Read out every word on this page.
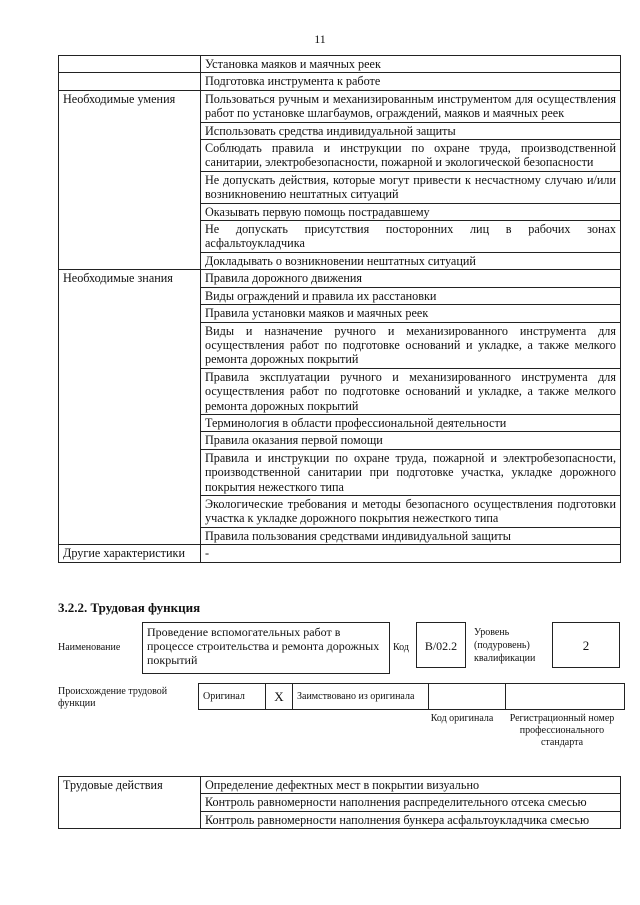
11
	Установка маяков и маячных реек
	Подготовка инструмента к работе
Необходимые умения	Пользоваться ручным и механизированным инструментом для осуществления работ по установке шлагбаумов, ограждений, маяков и маячных реек
	Использовать средства индивидуальной защиты
	Соблюдать правила и инструкции по охране труда, производственной санитарии, электробезопасности, пожарной и экологической безопасности
	Не допускать действия, которые могут привести к несчастному случаю и/или возникновению нештатных ситуаций
	Оказывать первую помощь пострадавшему
	Не допускать присутствия посторонних лиц в рабочих зонах асфальтоукладчика
	Докладывать о возникновении нештатных ситуаций
Необходимые знания	Правила дорожного движения
	Виды ограждений и правила их расстановки
	Правила установки маяков и маячных реек
	Виды и назначение ручного и механизированного инструмента для осуществления работ по подготовке оснований и укладке, а также мелкого ремонта дорожных покрытий
	Правила эксплуатации ручного и механизированного инструмента для осуществления работ по подготовке оснований и укладке, а также мелкого ремонта дорожных покрытий
	Терминология в области профессиональной деятельности
	Правила оказания первой помощи
	Правила и инструкции по охране труда, пожарной и электробезопасности, производственной санитарии при подготовке участка, укладке дорожного покрытия нежесткого типа
	Экологические требования и методы безопасного осуществления подготовки участка к укладке дорожного покрытия нежесткого типа
	Правила пользования средствами индивидуальной защиты
Другие характеристики	-
3.2.2. Трудовая функция
Наименование
Проведение вспомогательных работ в процессе строительства и ремонта дорожных покрытий
Код	B/02.2
Уровень (подуровень) квалификации
2
Происхождение трудовой функции
Оригинал	X	Заимствовано из оригинала		
Код оригинала	Регистрационный номер профессионального стандарта
Трудовые действия	Определение дефектных мест в покрытии визуально
Контроль равномерности наполнения распределительного отсека смесью
Контроль равномерности наполнения бункера асфальтоукладчика смесью
